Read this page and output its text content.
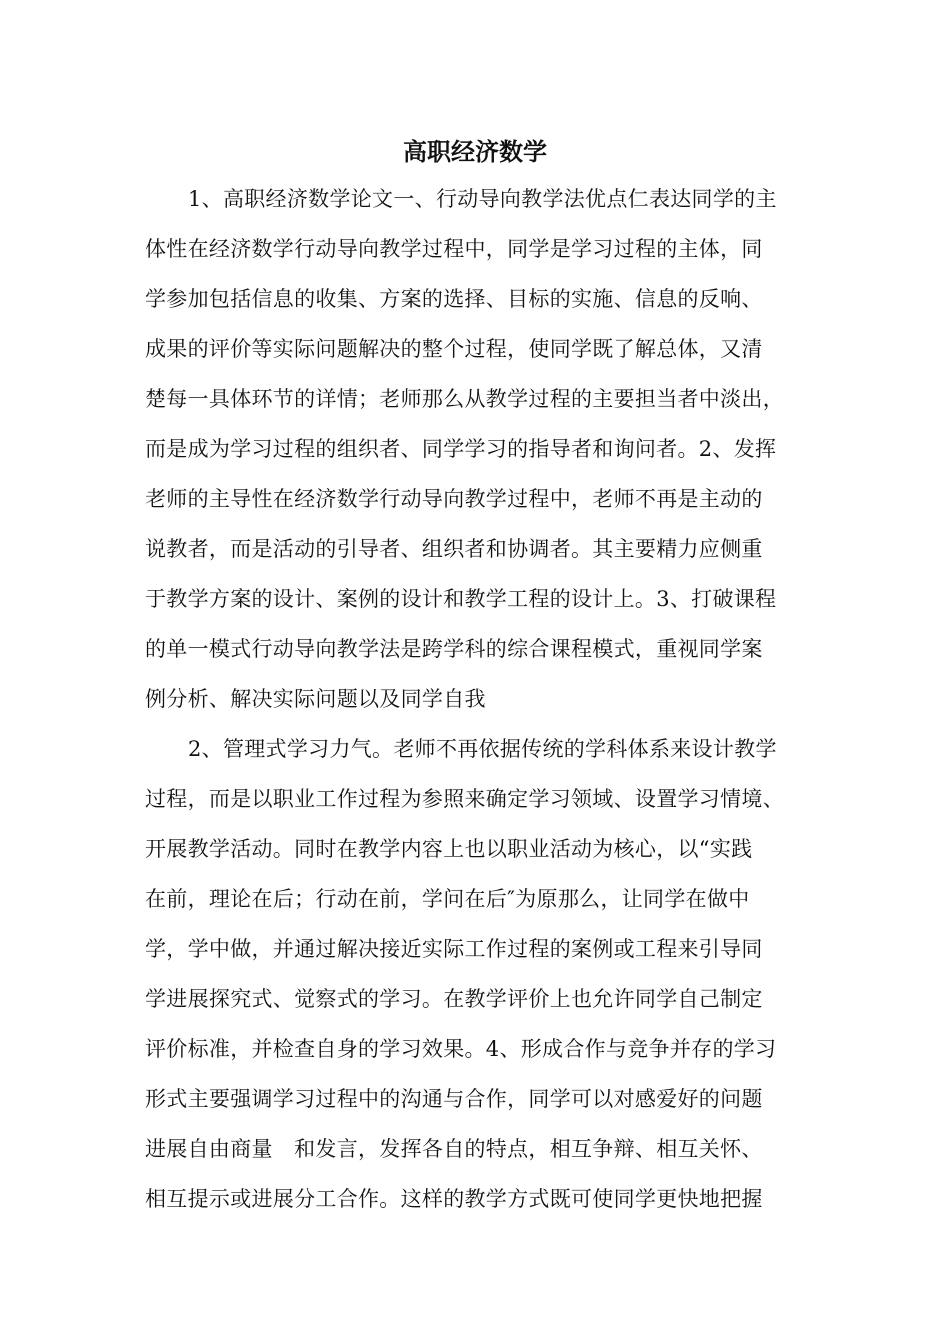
高职经济数学
1、高职经济数学论文一、行动导向教学法优点仁表达同学的主
体性在经济数学行动导向教学过程中，同学是学习过程的主体，同
学参加包括信息的收集、方案的选择、目标的实施、信息的反响、
成果的评价等实际问题解决的整个过程，使同学既了解总体，又清
楚每一具体环节的详情；老师那么从教学过程的主要担当者中淡出，
而是成为学习过程的组织者、同学学习的指导者和询问者。2、发挥
老师的主导性在经济数学行动导向教学过程中，老师不再是主动的
说教者，而是活动的引导者、组织者和协调者。其主要精力应侧重
于教学方案的设计、案例的设计和教学工程的设计上。3、打破课程
的单一模式行动导向教学法是跨学科的综合课程模式，重视同学案
例分析、解决实际问题以及同学自我
2、管理式学习力气。老师不再依据传统的学科体系来设计教学
过程，而是以职业工作过程为参照来确定学习领域、设置学习情境、
开展教学活动。同时在教学内容上也以职业活动为核心，以“实践
在前，理论在后；行动在前，学问在后″为原那么，让同学在做中
学，学中做，并通过解决接近实际工作过程的案例或工程来引导同
学进展探究式、觉察式的学习。在教学评价上也允许同学自己制定
评价标准，并检查自身的学习效果。4、形成合作与竞争并存的学习
形式主要强调学习过程中的沟通与合作，同学可以对感爱好的问题
进展自由商量　和发言，发挥各自的特点，相互争辩、相互关怀、
相互提示或进展分工合作。这样的教学方式既可使同学更快地把握
